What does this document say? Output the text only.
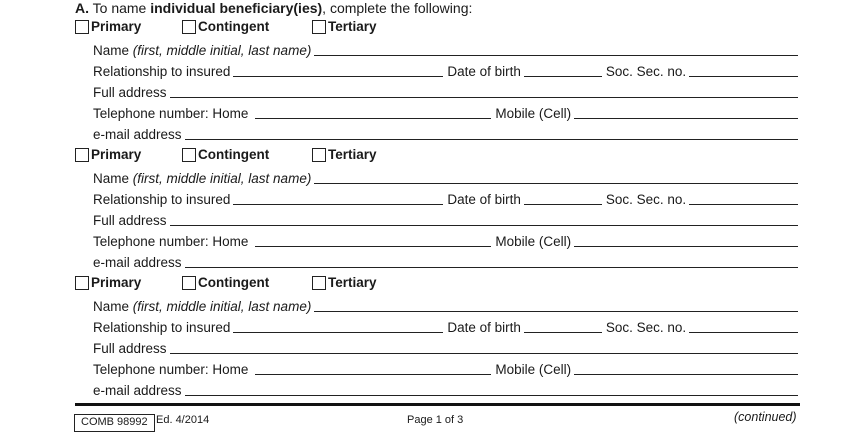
A. To name individual beneficiary(ies), complete the following:
Primary	Contingent	Tertiary
Name (first, middle initial, last name)
Relationship to insured	Date of birth	Soc. Sec. no.
Full address
Telephone number: Home	Mobile (Cell)
e-mail address
Primary	Contingent	Tertiary
Name (first, middle initial, last name)
Relationship to insured	Date of birth	Soc. Sec. no.
Full address
Telephone number: Home	Mobile (Cell)
e-mail address
Primary	Contingent	Tertiary
Name (first, middle initial, last name)
Relationship to insured	Date of birth	Soc. Sec. no.
Full address
Telephone number: Home	Mobile (Cell)
e-mail address
COMB 98992 Ed. 4/2014	Page 1 of 3	(continued)
